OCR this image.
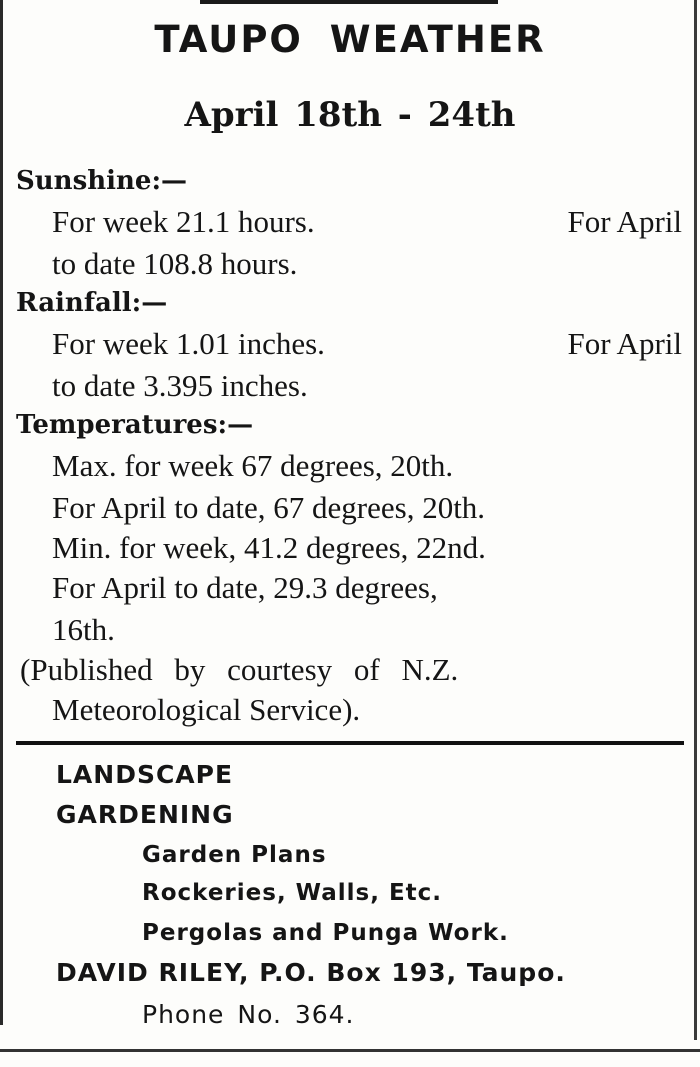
TAUPO WEATHER
April 18th - 24th
Sunshine:—
For week 21.1 hours.	For April
to date 108.8 hours.
Rainfall:—
For week 1.01 inches.	For April
to date 3.395 inches.
Temperatures:—
Max. for week 67 degrees, 20th.
For April to date, 67 degrees, 20th.
Min. for week, 41.2 degrees, 22nd.
For April to date, 29.3 degrees,
16th.
(Published by courtesy of N.Z.
Meteorological Service).
LANDSCAPE
GARDENING
Garden Plans
Rockeries, Walls, Etc.
Pergolas and Punga Work.
DAVID RILEY, P.O. Box 193, Taupo.
Phone No. 364.
